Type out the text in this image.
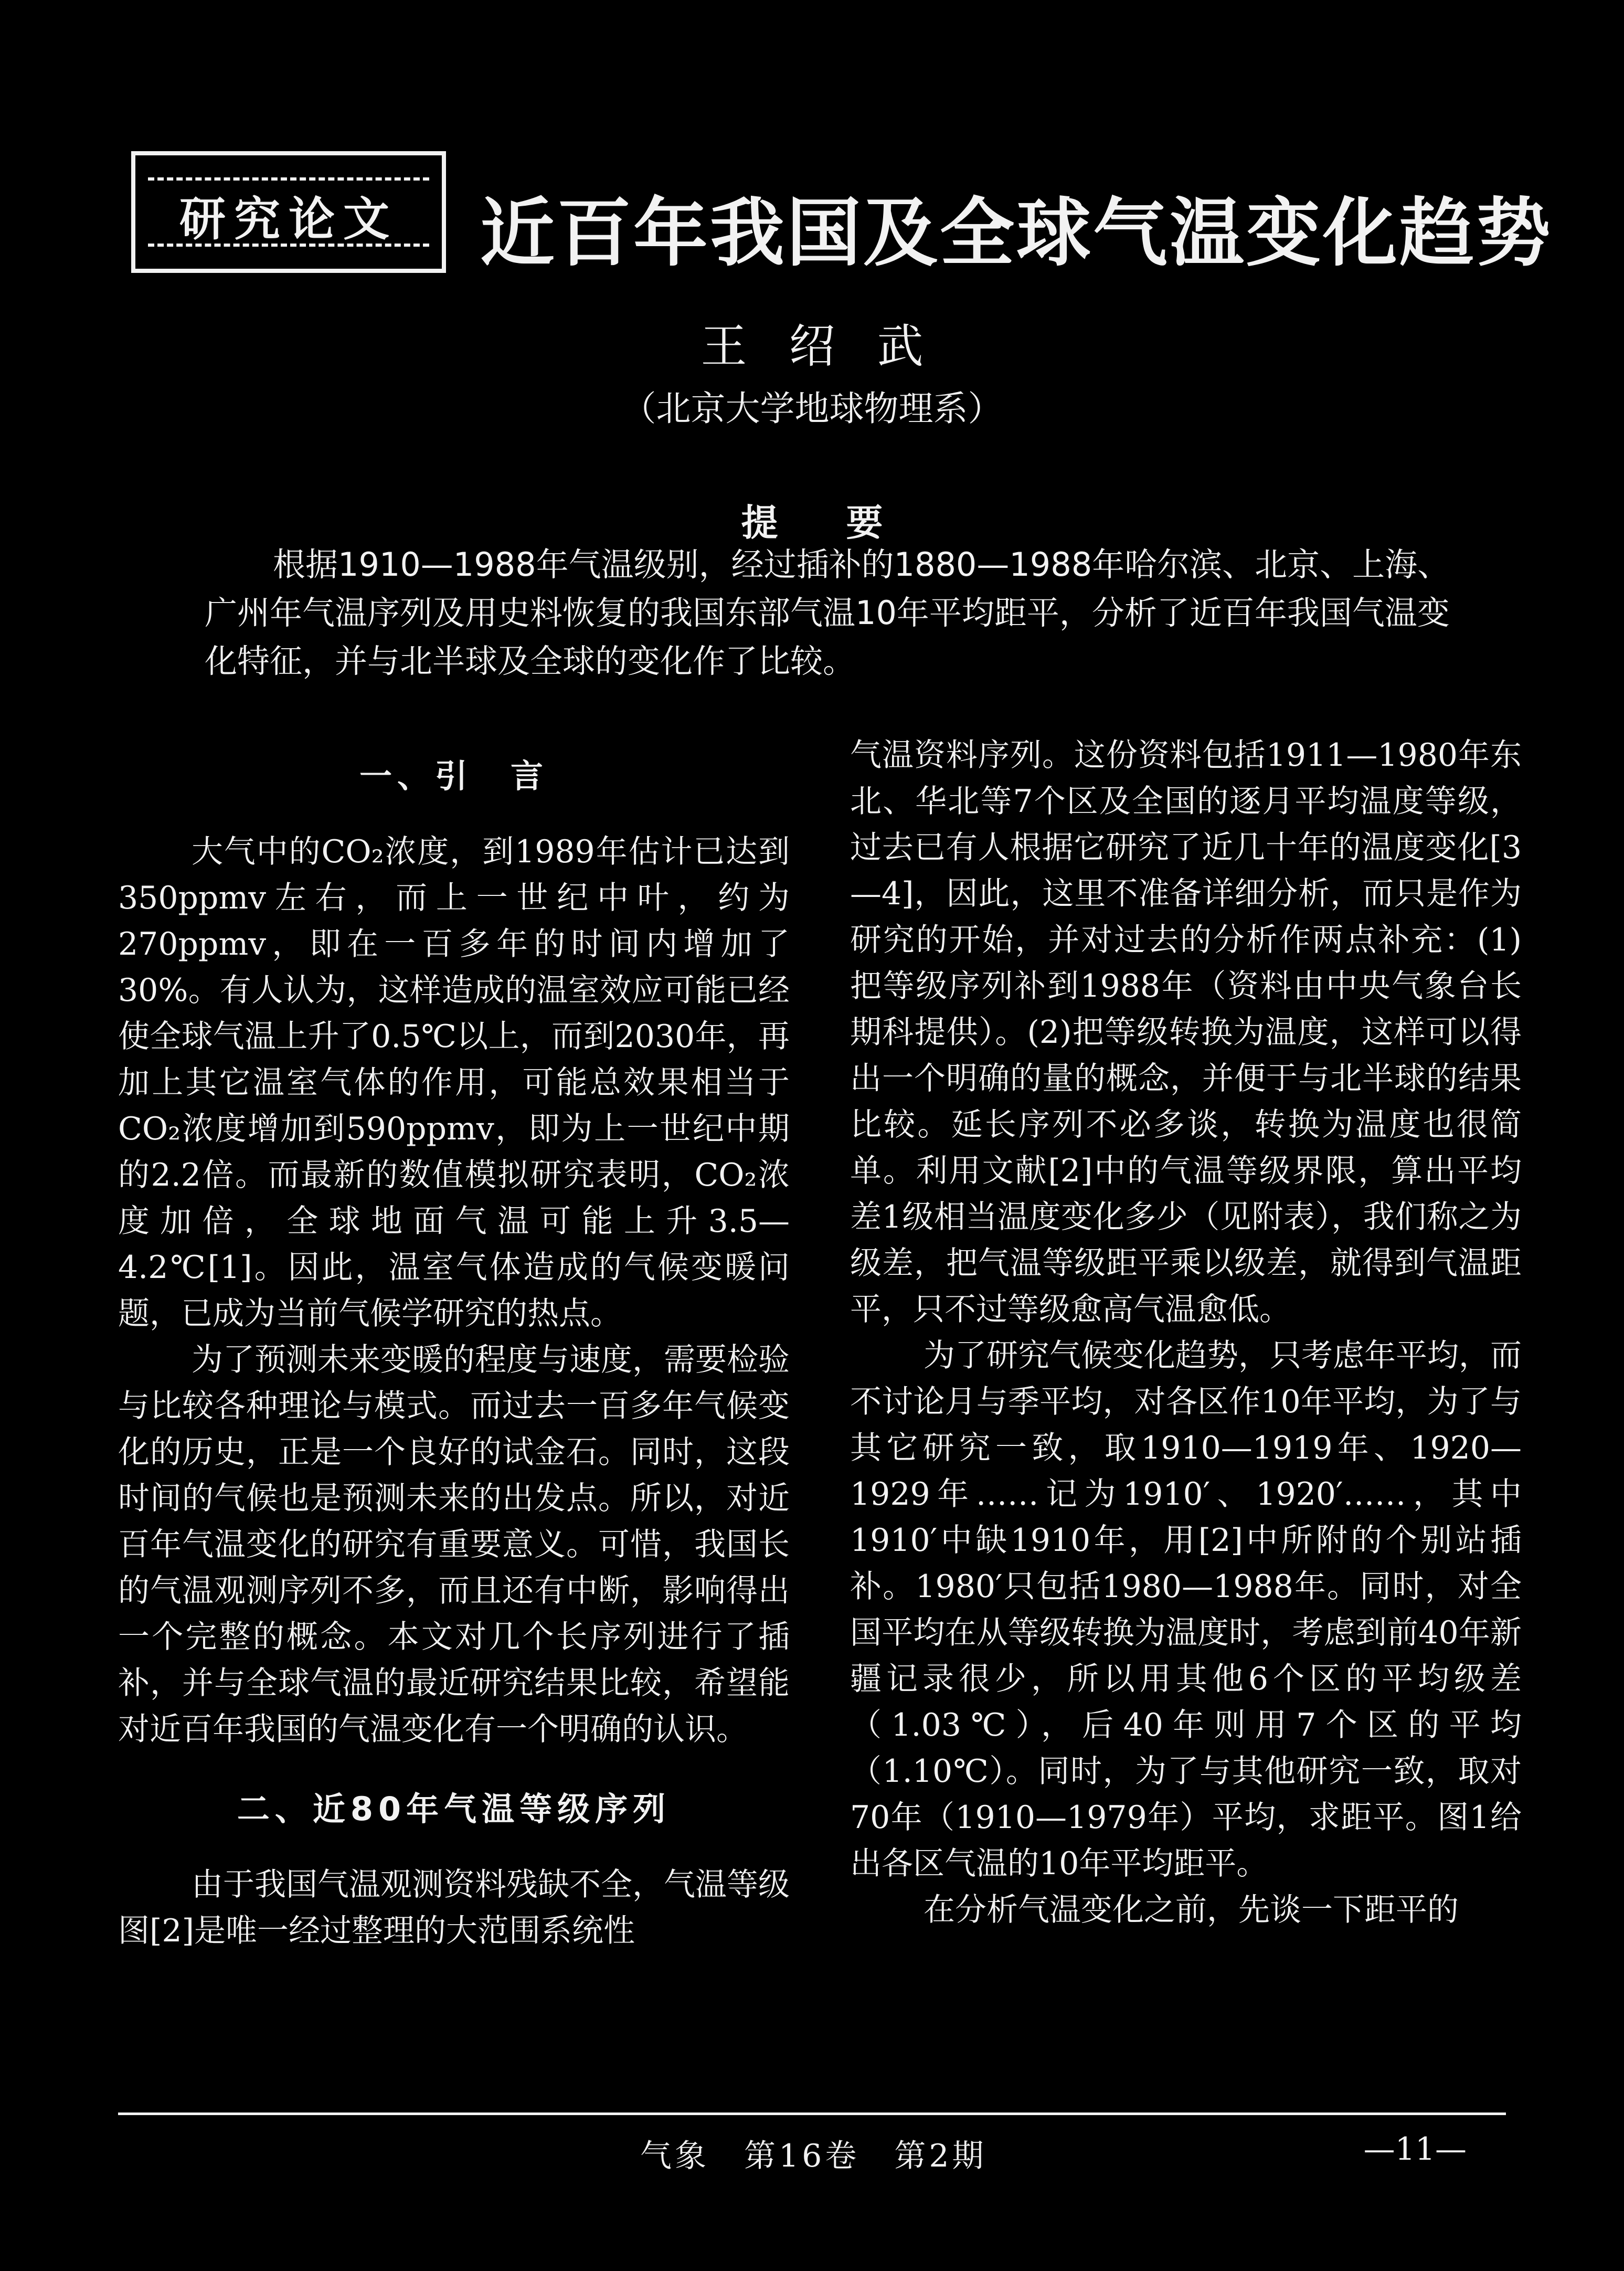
研究论文	近百年我国及全球气温变化趋势
王绍武
（北京大学地球物理系）
提要
根据1910—1988年气温级别，经过插补的1880—1988年哈尔滨、北京、上海、广州年气温序列及用史料恢复的我国东部气温10年平均距平，分析了近百年我国气温变化特征，并与北半球及全球的变化作了比较。
一、引　言

大气中的CO₂浓度，到1989年估计已达到350ppmv左右，而上一世纪中叶，约为270ppmv，即在一百多年的时间内增加了30%。有人认为，这样造成的温室效应可能已经使全球气温上升了0.5℃以上，而到2030年，再加上其它温室气体的作用，可能总效果相当于CO₂浓度增加到590ppmv，即为上一世纪中期的2.2倍。而最新的数值模拟研究表明，CO₂浓度加倍，全球地面气温可能上升3.5—4.2℃[1]。因此，温室气体造成的气候变暖问题，已成为当前气候学研究的热点。

为了预测未来变暖的程度与速度，需要检验与比较各种理论与模式。而过去一百多年气候变化的历史，正是一个良好的试金石。同时，这段时间的气候也是预测未来的出发点。所以，对近百年气温变化的研究有重要意义。可惜，我国长的气温观测序列不多，而且还有中断，影响得出一个完整的概念。本文对几个长序列进行了插补，并与全球气温的最近研究结果比较，希望能对近百年我国的气温变化有一个明确的认识。

二、近80年气温等级序列

由于我国气温观测资料残缺不全，气温等级图[2]是唯一经过整理的大范围系统性

气温资料序列。这份资料包括1911—1980年东北、华北等7个区及全国的逐月平均温度等级，过去已有人根据它研究了近几十年的温度变化[3—4]，因此，这里不准备详细分析，而只是作为研究的开始，并对过去的分析作两点补充：(1)把等级序列补到1988年（资料由中央气象台长期科提供）。(2)把等级转换为温度，这样可以得出一个明确的量的概念，并便于与北半球的结果比较。延长序列不必多谈，转换为温度也很简单。利用文献[2]中的气温等级界限，算出平均差1级相当温度变化多少（见附表），我们称之为级差，把气温等级距平乘以级差，就得到气温距平，只不过等级愈高气温愈低。

为了研究气候变化趋势，只考虑年平均，而不讨论月与季平均，对各区作10年平均，为了与其它研究一致，取1910—1919年、1920—1929年……记为1910′、1920′……，其中1910′中缺1910年，用[2]中所附的个别站插补。1980′只包括1980—1988年。同时，对全国平均在从等级转换为温度时，考虑到前40年新疆记录很少，所以用其他6个区的平均级差（1.03℃），后40年则用7个区的平均（1.10℃）。同时，为了与其他研究一致，取对70年（1910—1979年）平均，求距平。图1给出各区气温的10年平均距平。

在分析气温变化之前，先谈一下距平的

气象　第16卷　第2期	—11—
